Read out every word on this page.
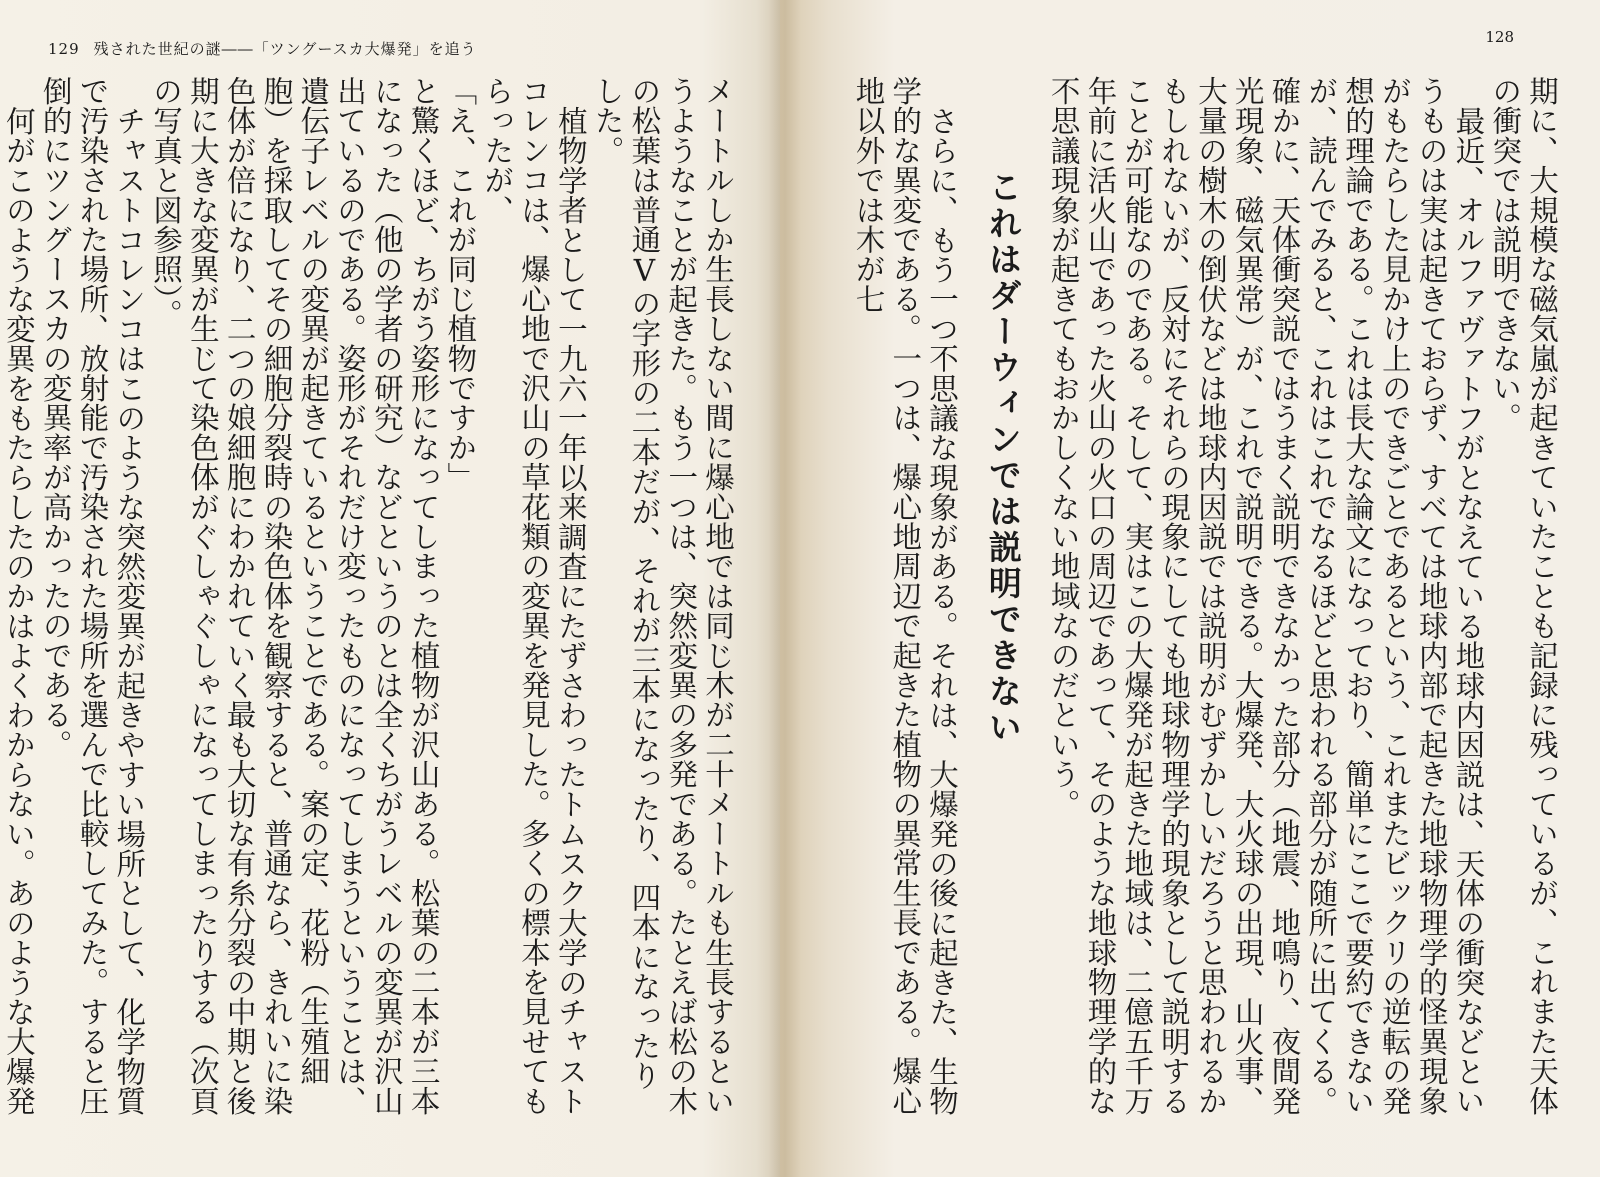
129 残された世紀の謎――「ツングースカ大爆発」を追う

メートルしか生長しない間に爆心地では同じ木が二十メートルも生長するというようなことが起きた。もう一つは、突然変異の多発である。たとえば松の木の松葉は普通Vの字形の二本だが、それが三本になったり、四本になったりした。

植物学者として一九六一年以来調査にたずさわったトムスク大学のチャストコレンコは、爆心地で沢山の草花類の変異を発見した。多くの標本を見せてもらったが、

「え、これが同じ植物ですか」

と驚くほど、ちがう姿形になってしまった植物が沢山ある。松葉の二本が三本になった（他の学者の研究）などというのとは全くちがうレベルの変異が沢山出ているのである。姿形がそれだけ変ったものになってしまうということは、遺伝子レベルの変異が起きているということである。案の定、花粉（生殖細胞）を採取してその細胞分裂時の染色体を観察すると、普通なら、きれいに染色体が倍になり、二つの娘細胞にわかれていく最も大切な有糸分裂の中期と後期に大きな変異が生じて染色体がぐしゃぐしゃになってしまったりする（次頁の写真と図参照）。

チャストコレンコはこのような突然変異が起きやすい場所として、化学物質で汚染された場所、放射能で汚染された場所を選んで比較してみた。すると圧倒的にツングースカの変異率が高かったのである。

何がこのような変異をもたらしたのかはよくわからない。あのような大爆発

128

期に、大規模な磁気嵐が起きていたことも記録に残っているが、これまた天体の衝突では説明できない。

最近、オルファヴァトフがとなえている地球内因説は、天体の衝突などというものは実は起きておらず、すべては地球内部で起きた地球物理学的怪異現象がもたらした見かけ上のできごとであるという、これまたビックリの逆転の発想的理論である。これは長大な論文になっており、簡単にここで要約できないが、読んでみると、これはこれでなるほどと思われる部分が随所に出てくる。確かに、天体衝突説ではうまく説明できなかった部分（地震、地鳴り、夜間発光現象、磁気異常）が、これで説明できる。大爆発、大火球の出現、山火事、大量の樹木の倒伏などは地球内因説では説明がむずかしいだろうと思われるかもしれないが、反対にそれらの現象にしても地球物理学的現象として説明することが可能なのである。そして、実はこの大爆発が起きた地域は、二億五千万年前に活火山であった火山の火口の周辺であって、そのような地球物理学的な不思議現象が起きてもおかしくない地域なのだという。

これはダーウィンでは説明できない

さらに、もう一つ不思議な現象がある。それは、大爆発の後に起きた、生物学的な異変である。一つは、爆心地周辺で起きた植物の異常生長である。爆心地以外では木が七
